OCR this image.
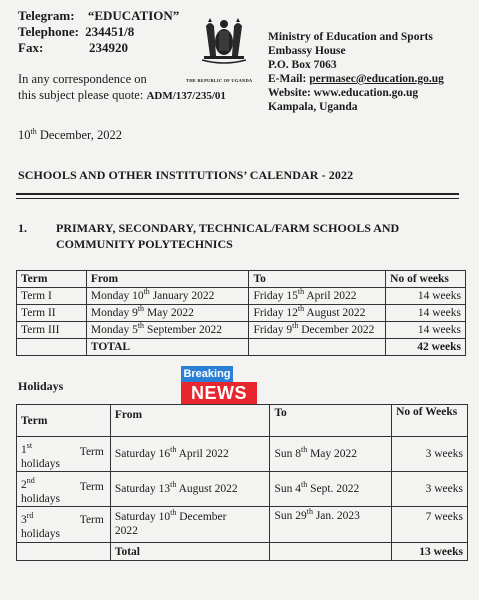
Telegram: “EDUCATION”
Telephone: 234451/8
Fax:	234920
In any correspondence on
this subject please quote: ADM/137/235/01
THE REPUBLIC OF UGANDA
Ministry of Education and Sports
Embassy House
P.O. Box 7063
E-Mail: permasec@education.go.ug
Website: www.education.go.ug
Kampala, Uganda
10th December, 2022
SCHOOLS AND OTHER INSTITUTIONS’ CALENDAR - 2022
1. PRIMARY, SECONDARY, TECHNICAL/FARM SCHOOLS AND
COMMUNITY POLYTECHNICS
Term	From	To	No of weeks
Term I	Monday 10th January 2022	Friday 15th April 2022	14 weeks
Term II	Monday 9th May 2022	Friday 12th August 2022	14 weeks
Term III	Monday 5th September 2022	Friday 9th December 2022	14 weeks
	TOTAL		42 weeks
Holidays
Breaking
NEWS
Term	From	To	No of Weeks
1st
Term

holidays	Saturday 16th April 2022	Sun 8th May 2022	3 weeks
2nd
Term

holidays	Saturday 13th August 2022	Sun 4th Sept. 2022	3 weeks
3rd Term

holidays	Saturday 10th December
2022	Sun 29th Jan. 2023	7 weeks
	Total		13 weeks
